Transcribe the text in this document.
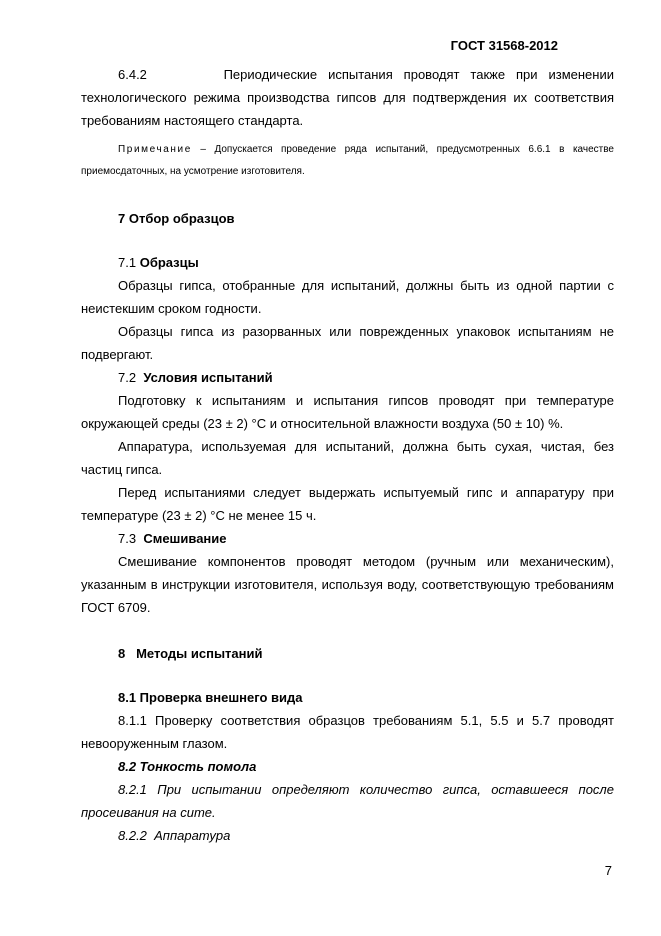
ГОСТ 31568-2012

6.4.2	Периодические испытания проводят также при изменении технологического режима производства гипсов для подтверждения их соответствия требованиям настоящего стандарта.

Примечание – Допускается проведение ряда испытаний, предусмотренных 6.6.1 в качестве приемосдаточных, на усмотрение изготовителя.

7 Отбор образцов

7.1 Образцы

Образцы гипса, отобранные для испытаний, должны быть из одной партии с неистекшим сроком годности.

Образцы гипса из разорванных или поврежденных упаковок испытаниям не подвергают.

7.2 Условия испытаний

Подготовку к испытаниям и испытания гипсов проводят при температуре окружающей среды (23 ± 2) °С и относительной влажности воздуха (50 ± 10) %.

Аппаратура, используемая для испытаний, должна быть сухая, чистая, без частиц гипса.

Перед испытаниями следует выдержать испытуемый гипс и аппаратуру при температуре (23 ± 2) °С не менее 15 ч.

7.3 Смешивание

Смешивание компонентов проводят методом (ручным или механическим), указанным в инструкции изготовителя, используя воду, соответствующую требованиям ГОСТ 6709.

8   Методы испытаний

8.1 Проверка внешнего вида

8.1.1 Проверку соответствия образцов требованиям 5.1, 5.5 и 5.7 проводят невооруженным глазом.

8.2 Тонкость помола

8.2.1 При испытании определяют количество гипса, оставшееся после просеивания на сите.

8.2.2  Аппаратура

7
